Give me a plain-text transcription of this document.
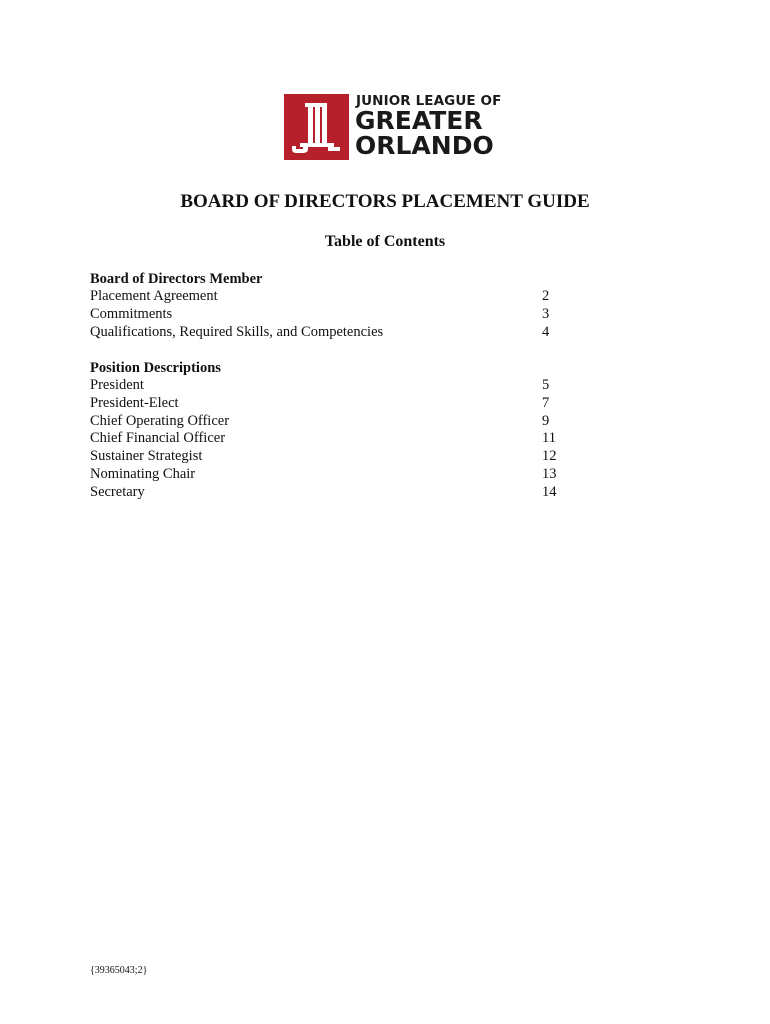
JUNIOR LEAGUE OF
GREATER
ORLANDO
BOARD OF DIRECTORS PLACEMENT GUIDE
Table of Contents
Board of Directors Member
Placement Agreement	2
Commitments	3
Qualifications, Required Skills, and Competencies	4
Position Descriptions
President	5
President-Elect	7
Chief Operating Officer	9
Chief Financial Officer	11
Sustainer Strategist	12
Nominating Chair	13
Secretary	14
{39365043;2}
